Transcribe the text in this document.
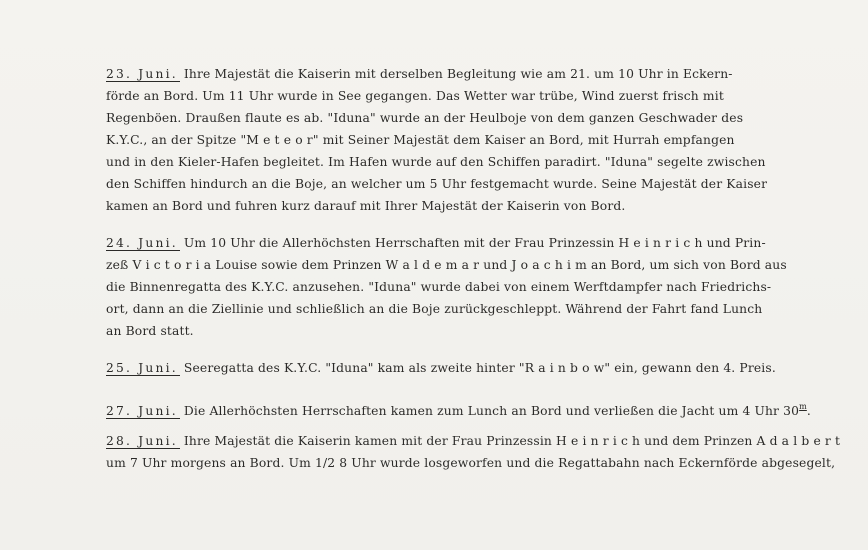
23. Juni. Ihre Majestät die Kaiserin mit derselben Begleitung wie am 21. um 10 Uhr in Eckern-
förde an Bord. Um 11 Uhr wurde in See gegangen. Das Wetter war trübe, Wind zuerst frisch mit
Regenböen. Draußen flaute es ab. "Iduna" wurde an der Heulboje von dem ganzen Geschwader des
K.Y.C., an der Spitze "M e t e o r" mit Seiner Majestät dem Kaiser an Bord, mit Hurrah empfangen
und in den Kieler-Hafen begleitet. Im Hafen wurde auf den Schiffen paradirt. "Iduna" segelte zwischen
den Schiffen hindurch an die Boje, an welcher um 5 Uhr festgemacht wurde. Seine Majestät der Kaiser
kamen an Bord und fuhren kurz darauf mit Ihrer Majestät der Kaiserin von Bord.
24. Juni. Um 10 Uhr die Allerhöchsten Herrschaften mit der Frau Prinzessin H e i n r i c h und Prin-
zeß V i c t o r i a Louise sowie dem Prinzen W a l d e m a r und J o a c h i m an Bord, um sich von Bord aus
die Binnenregatta des K.Y.C. anzusehen. "Iduna" wurde dabei von einem Werftdampfer nach Friedrichs-
ort, dann an die Ziellinie und schließlich an die Boje zurückgeschleppt. Während der Fahrt fand Lunch
an Bord statt.
25. Juni. Seeregatta des K.Y.C. "Iduna" kam als zweite hinter "R a i n b o w" ein, gewann den 4. Preis.
27. Juni. Die Allerhöchsten Herrschaften kamen zum Lunch an Bord und verließen die Jacht um 4 Uhr 30$^m$.
28. Juni. Ihre Majestät die Kaiserin kamen mit der Frau Prinzessin H e i n r i c h und dem Prinzen A d a l b e r t
um 7 Uhr morgens an Bord. Um 1/2 8 Uhr wurde losgeworfen und die Regattabahn nach Eckernförde abgesegelt,
